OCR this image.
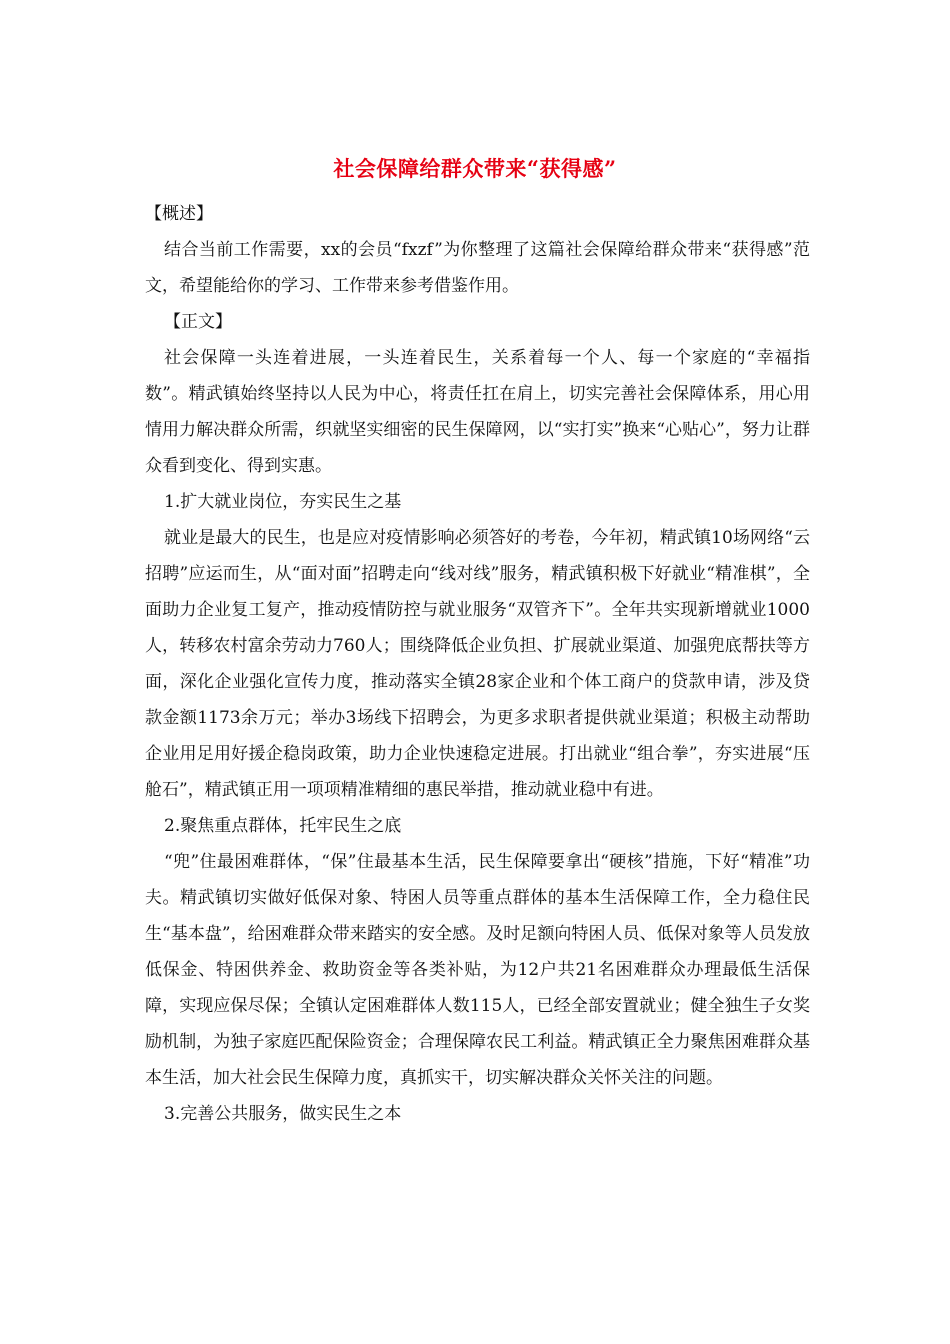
社会保障给群众带来“获得感”

【概述】

结合当前工作需要，xx的会员“fxzf”为你整理了这篇社会保障给群众带来“获得感”范文，希望能给你的学习、工作带来参考借鉴作用。

【正文】

社会保障一头连着进展，一头连着民生，关系着每一个人、每一个家庭的“幸福指数”。精武镇始终坚持以人民为中心，将责任扛在肩上，切实完善社会保障体系，用心用情用力解决群众所需，织就坚实细密的民生保障网，以“实打实”换来“心贴心”，努力让群众看到变化、得到实惠。

1.扩大就业岗位，夯实民生之基

就业是最大的民生，也是应对疫情影响必须答好的考卷，今年初，精武镇10场网络“云招聘”应运而生，从“面对面”招聘走向“线对线”服务，精武镇积极下好就业“精准棋”，全面助力企业复工复产，推动疫情防控与就业服务“双管齐下”。全年共实现新增就业1000人，转移农村富余劳动力760人；围绕降低企业负担、扩展就业渠道、加强兜底帮扶等方面，深化企业强化宣传力度，推动落实全镇28家企业和个体工商户的贷款申请，涉及贷款金额1173余万元；举办3场线下招聘会，为更多求职者提供就业渠道；积极主动帮助企业用足用好援企稳岗政策，助力企业快速稳定进展。打出就业“组合拳”，夯实进展“压舱石”，精武镇正用一项项精准精细的惠民举措，推动就业稳中有进。

2.聚焦重点群体，托牢民生之底

“兜”住最困难群体，“保”住最基本生活，民生保障要拿出“硬核”措施，下好“精准”功夫。精武镇切实做好低保对象、特困人员等重点群体的基本生活保障工作，全力稳住民生“基本盘”，给困难群众带来踏实的安全感。及时足额向特困人员、低保对象等人员发放低保金、特困供养金、救助资金等各类补贴，为12户共21名困难群众办理最低生活保障，实现应保尽保；全镇认定困难群体人数115人，已经全部安置就业；健全独生子女奖励机制，为独子家庭匹配保险资金；合理保障农民工利益。精武镇正全力聚焦困难群众基本生活，加大社会民生保障力度，真抓实干，切实解决群众关怀关注的问题。

3.完善公共服务，做实民生之本
